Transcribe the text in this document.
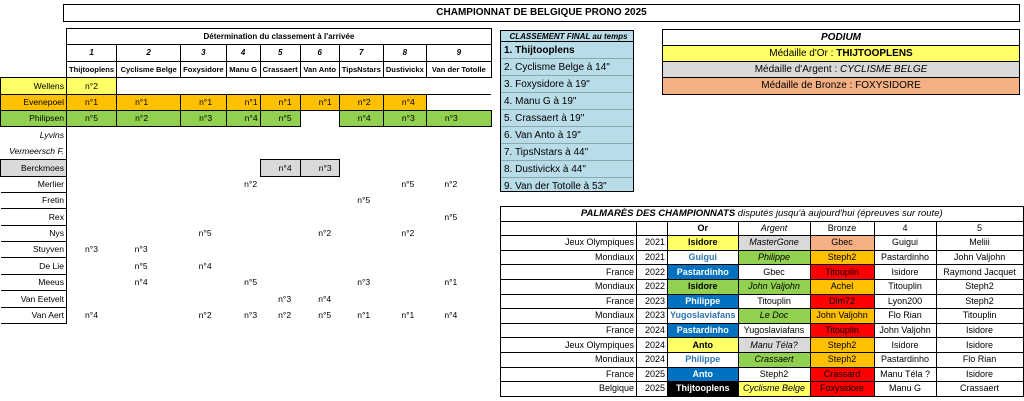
CHAMPIONNAT DE BELGIQUE PRONO 2025
	Détermination du classement à l'arrivée								
	1	2	3	4	5	6	7	8	9
	Thijtooplens	Cyclisme Belge	Foxysidore	Manu G	Crassaert	Van Anto	TipsNstars	Dustivickx	Van der Totolle
Wellens	n°2								
Evenepoel	n°1	n°1	n°1	n°1	n°1	n°1	n°2	n°4	
Philipsen	n°5	n°2	n°3	n°4	n°5		n°4	n°3	n°3
Lyvins									
Vermeersch F.									
Berckmoes					n°4	n°3			
Merlier				n°2				n°5	n°2
Fretin							n°5		
Rex									n°5
Nys			n°5			n°2		n°2	
Stuyven	n°3	n°3							
De Lie		n°5	n°4						
Meeus		n°4		n°5			n°3		n°1
Van Eetvelt					n°3	n°4			
Van Aert	n°4		n°2	n°3	n°2	n°5	n°1	n°1	n°4
CLASSEMENT FINAL au temps
1. Thijtooplens
2. Cyclisme Belge à 14"
3. Foxysidore à 19"
4. Manu G à 19"
5. Crassaert à 19"
6. Van Anto à 19"
7. TipsNstars à 44"
8. Dustivickx à 44"
9. Van der Totolle à 53"
PODIUM
Médaille d'Or : THIJTOOPLENS
Médaille d'Argent : CYCLISME BELGE
Médaille de Bronze : FOXYSIDORE
PALMARÈS DES CHAMPIONNATS disputés jusqu'à aujourd'hui (épreuves sur route)						
		Or	Argent	Bronze	4	5
Jeux Olympiques	2021	Isidore	MasterGone	Gbec	Guigui	Meliii
Mondiaux	2021	Guigui	Philippe	Steph2	Pastardinho	John Valjohn
France	2022	Pastardinho	Gbec	Titouplin	Isidore	Raymond Jacquet
Mondiaux	2022	Isidore	John Valjohn	Achel	Titouplin	Steph2
France	2023	Philippe	Titouplin	Dlm72	Lyon200	Steph2
Mondiaux	2023	Yugoslaviafans	Le Doc	John Valjohn	Flo Rian	Titouplin
France	2024	Pastardinho	Yugoslaviafans	Titouplin	John Valjohn	Isidore
Jeux Olympiques	2024	Anto	Manu Téla?	Steph2	Isidore	Isidore
Mondiaux	2024	Philippe	Crassaert	Steph2	Pastardinho	Flo Rian
France	2025	Anto	Steph2	Crassard	Manu Téla ?	Isidore
Belgique	2025	Thijtooplens	Cyclisme Belge	Foxysidore	Manu G	Crassaert
